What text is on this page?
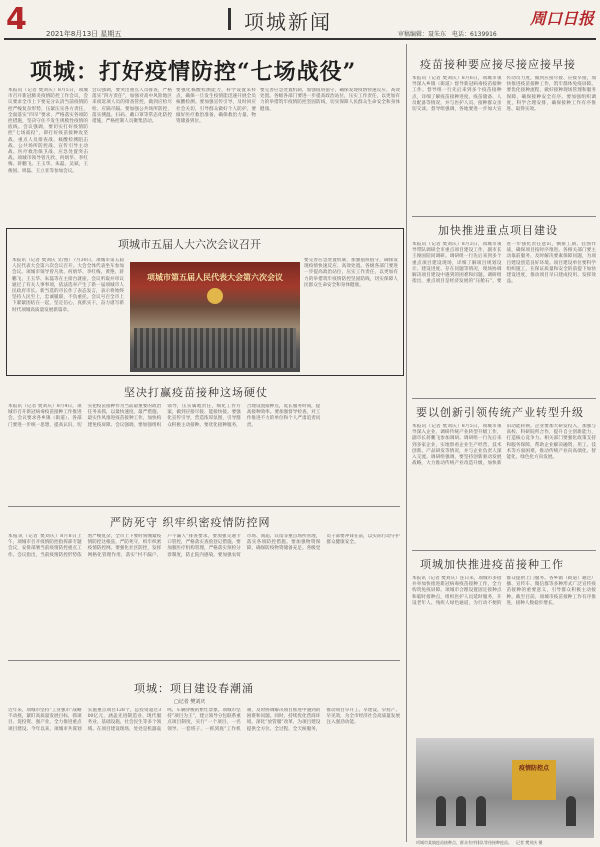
4	2021年8月13日 星期五	项城新闻
审稿编辑：聂朱东　电话：6139916
周口日报
项城：打好疫情防控“七场战役”
本报讯（记者 樊刘庆）8月5日，项城市召开新冠肺炎疫情防控工作会议，会议要求全市上下要充分认清当前疫情防控严峻复杂形势，压紧压实各方责任，全面落实“四早”要求，严格落实各项防控措施，坚决守住不发生规模性疫情的底线。会议强调，要切实打好疫情防控“七场战役”，即打好疫苗接种攻坚战、重点人员排查战、核酸检测阻击战、公共场所防控战、宣传引导主动战、医疗救治保卫战、应急处置突击战。项城市领导曾凡欣、何炳华、李红梅、蒋鹏飞、王玉华、朱磊、吴斌、王俊国、周磊、王立亚等参加会议。
会议强调，要突出重点人员排查，严格落实“四方责任”，加强对高中风险地区来项返项人员的排查管控，做到应检尽检、应隔尽隔。要加强公共场所防控，落实测温、扫码、戴口罩等常态化防控措施，严格控制人员聚集活动。
要强化核酸检测能力，科学设置采样点，确保一旦发生疫情能迅速开展全员核酸检测。要加强宣传引导，及时回应社会关切，引导群众做好个人防护。要做好医疗救治准备，确保救治力量、物资储备到位。
要完善应急处置机制，加强值班值守，确保发现疫情快速反应、高效处置。各级各部门要进一步提高政治站位，压实工作责任，以更加有力的举措筑牢疫情防控坚固防线，切实保障人民群众生命安全和身体健康。
项城市五届人大六次会议召开
本报讯（记者 樊刘庆 文/图）7月30日，项城市第五届人民代表大会第六次会议召开。大会全体代表坐车参加会议。项城市领导曾凡欣、何炳华、李红梅、黄艳、蒋鹏飞、王玉华、朱磊等在主席台就座。会议听取并审议通过了有关人事事项，依法选举产生了新一届项城市人民政府市长。新当选的市长作了表态发言，表示将始终坚持人民至上，忠诚履职，不负重托。会议号召全市上下紧紧团结在一起，坚定信心，真抓实干，奋力谱写新时代项城高质量发展新篇章。
项城市第五届人民代表大会第六次会议
要完善应急处置机制，加强值班值守，确保发现疫情快速反应、高效处置。各级各部门要进一步提高政治站位，压实工作责任，以更加有力的举措筑牢疫情防控坚固防线，切实保障人民群众生命安全和身体健康。
坚决打赢疫苗接种这场硬仗
本报讯（记者 樊刘庆）8月4日，项城市召开新冠病毒疫苗接种工作推进会。会议要求各乡镇（街道）、各部门要进一步统一思想，提高认识，切实把疫苗接种作为当前最重要的政治任务来抓，以最快速度、最严措施、最实作风推进疫苗接种工作，加快构建免疫屏障。会议强调，要加强组织领导，压实属地责任，细化工作方案，做到应接尽接、能接快接。要强化宣传引导，营造浓厚氛围，引导群众积极主动接种。要优化接种服务，合理设置接种点，延长服务时间，提高接种效率。要加强督导检查，对工作推进不力的单位和个人严肃追责问责。
严防死守 织牢织密疫情防控网
本报讯（记者 樊刘庆）8月8日上午，项城市召开疫情防控指挥部专题会议，安排部署当前疫情防控重点工作。会议指出，当前疫情防控形势依然严峻复杂，全市上下要时刻绷紧疫情防控这根弦，严防死守，织牢织密疫情防控网。要强化社区防控，发挥网格化管理作用，落实“村不漏户、户不漏人”排查要求。要加强交通卡口管控，严格落实查验登记措施。要加强医疗机构管理，严格落实预检分诊制度，防止院内感染。要加强农贸市场、商超、宾馆等重点场所管理，落实各项防控措施。要加强物资保障，确保防疫物资储备充足。各级党员干部要冲锋在前，以实际行动守护群众健康安全。
项城：项目建设春潮涌
□记者 樊刘庆
近年来，项城市坚持“工业强市”战略不动摇，紧盯高质量发展目标，抓项目、促投资、强产业，全力推进重点项目建设。今年以来，项城市共谋划实施重点项目128个，总投资超过300亿元，涵盖先进制造业、现代服务业、基础设施、社会民生等多个领域。在项目建设现场，处处是机器轰鸣、车辆穿梭的繁忙景象。项城市坚持“项目为王”，建立领导分包联系重点项目制度，实行“一个项目、一名领导、一套班子、一抓到底”工作机制，及时协调解决项目推进中遇到的困难和问题。同时，持续优化营商环境，深化“放管服”改革，为项目建设提供全方位、全过程、全天候服务，推动项目早开工、早建设、早投产、早见效，为全市经济社会高质量发展注入强劲动能。
疫苗接种要应接尽接应接早接
本报讯（记者 樊刘庆）8月6日，项城市领导深入乡镇（街道）督导新冠病毒疫苗接种工作。督导组一行先后来到多个疫苗接种点，详细了解疫苗接种进度、疫苗储备、人员配备等情况，并与医护人员、接种群众亲切交谈。督导组强调，各地要进一步加大宣传动员力度，做到应接尽接、应接早接，加快推进疫苗接种工作，筑牢群体免疫屏障。要优化接种流程，做好接种现场管理和服务保障，确保接种安全有序。要加强组织调度，科学合理安排，确保接种工作有序推进、取得实效。
加快推进重点项目建设
本报讯（记者 樊刘庆）8月3日，项城市领导带队调研全市重点项目建设工作，副市长王俊国陪同调研。调研组一行先后来到多个重点项目建设现场，详细了解项目规划设计、建设进度、存在问题等情况，现场协调解决项目建设中遇到的困难和问题。调研组指出，重点项目是经济发展的“压舱石”，要进一步强化责任意识，倒排工期、挂图作战，确保项目按时序推进。各相关部门要主动靠前服务，及时解决要素保障问题，为项目建设创造良好环境。项目建设单位要科学组织施工，在保证质量和安全的前提下加快建设进度，推动项目早日建成投用、发挥效益。
要以创新引领传统产业转型升级
本报讯（记者 樊刘庆）8月5日，项城市领导深入企业，调研传统产业转型升级工作，副市长蒋鹏飞参加调研。调研组一行先后来到多家企业，实地察看企业生产经营、技术创新、产品研发等情况，并与企业负责人深入交流。调研组强调，要坚持创新驱动发展战略，大力推动传统产业改造升级，加快新旧动能转换。企业要加大研发投入，加强与高校、科研院所合作，提升自主创新能力，打造核心竞争力。相关部门要强化政策支持和服务保障，帮助企业解决融资、用工、技术等方面困难，推动传统产业向高端化、智能化、绿色化方向发展。
项城加快推进疫苗接种工作
本报讯（记者 樊刘庆）连日来，项城市多措并举加快推进新冠病毒疫苗接种工作，全力构筑免疫屏障。项城市合理设置固定接种点和临时接种点，组织医护人员延时服务，开设老年人、残疾人绿色通道，为行动不便的群众提供上门服务。各乡镇（街道）通过广播、宣传车、微信群等多种形式广泛宣传疫苗接种的重要意义，引导群众积极主动接种。截至目前，项城市疫苗接种工作有序推进，接种人数稳步增长。
疫情防控点
项城市某镇疫苗接种点，群众有序排队等待接种疫苗。　记者 樊刘庆 摄
